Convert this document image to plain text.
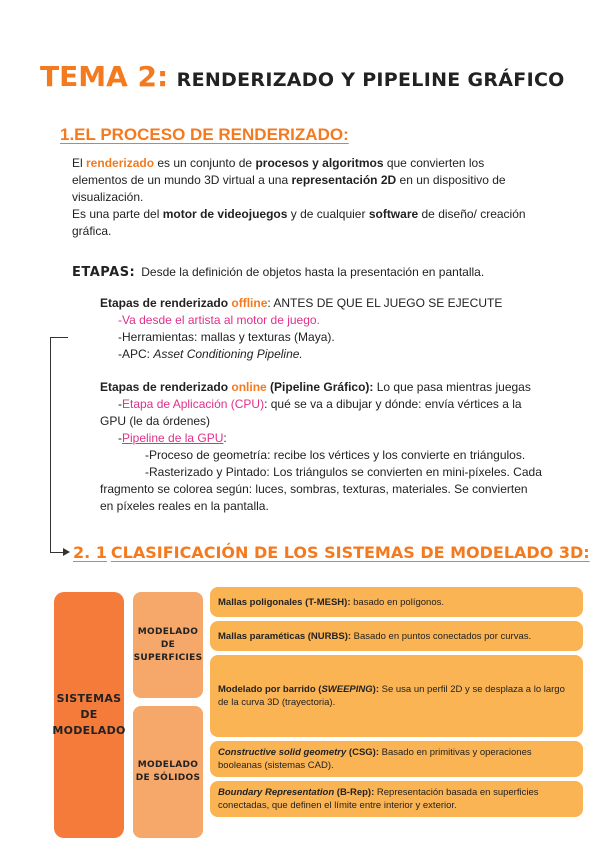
TEMA 2: RENDERIZADO Y PIPELINE GRÁFICO
1.EL PROCESO DE RENDERIZADO:

El renderizado es un conjunto de procesos y algoritmos que convierten los elementos de un mundo 3D virtual a una representación 2D en un dispositivo de visualización.

Es una parte del motor de videojuegos y de cualquier software de diseño/ creación gráfica.

ETAPAS: Desde la definición de objetos hasta la presentación en pantalla.
Etapas de renderizado offline: ANTES DE QUE EL JUEGO SE EJECUTE
-Va desde el artista al motor de juego.
-Herramientas: mallas y texturas (Maya).
-APC: Asset Conditioning Pipeline.
Etapas de renderizado online (Pipeline Gráfico): Lo que pasa mientras juegas
-Etapa de Aplicación (CPU): qué se va a dibujar y dónde: envía vértices a la
GPU (le da órdenes)
-Pipeline de la GPU:
-Proceso de geometría: recibe los vértices y los convierte en triángulos.
-Rasterizado y Pintado: Los triángulos se convierten en mini-píxeles. Cada
fragmento se colorea según: luces, sombras, texturas, materiales. Se convierten
en píxeles reales en la pantalla.
2. 1 CLASIFICACIÓN DE LOS SISTEMAS DE MODELADO 3D:
SISTEMAS
DE
MODELADO
MODELADO
DE
SUPERFICIES
MODELADO
DE SÓLIDOS
Mallas poligonales (T-MESH): basado en polígonos.
Mallas paraméticas (NURBS): Basado en puntos conectados por curvas.
Modelado por barrido (SWEEPING): Se usa un perfil 2D y se desplaza a lo largo de la curva 3D (trayectoria).
Constructive solid geometry (CSG): Basado en primitivas y operaciones booleanas (sistemas CAD).
Boundary Representation (B-Rep): Representación basada en superficies conectadas, que definen el límite entre interior y exterior.
